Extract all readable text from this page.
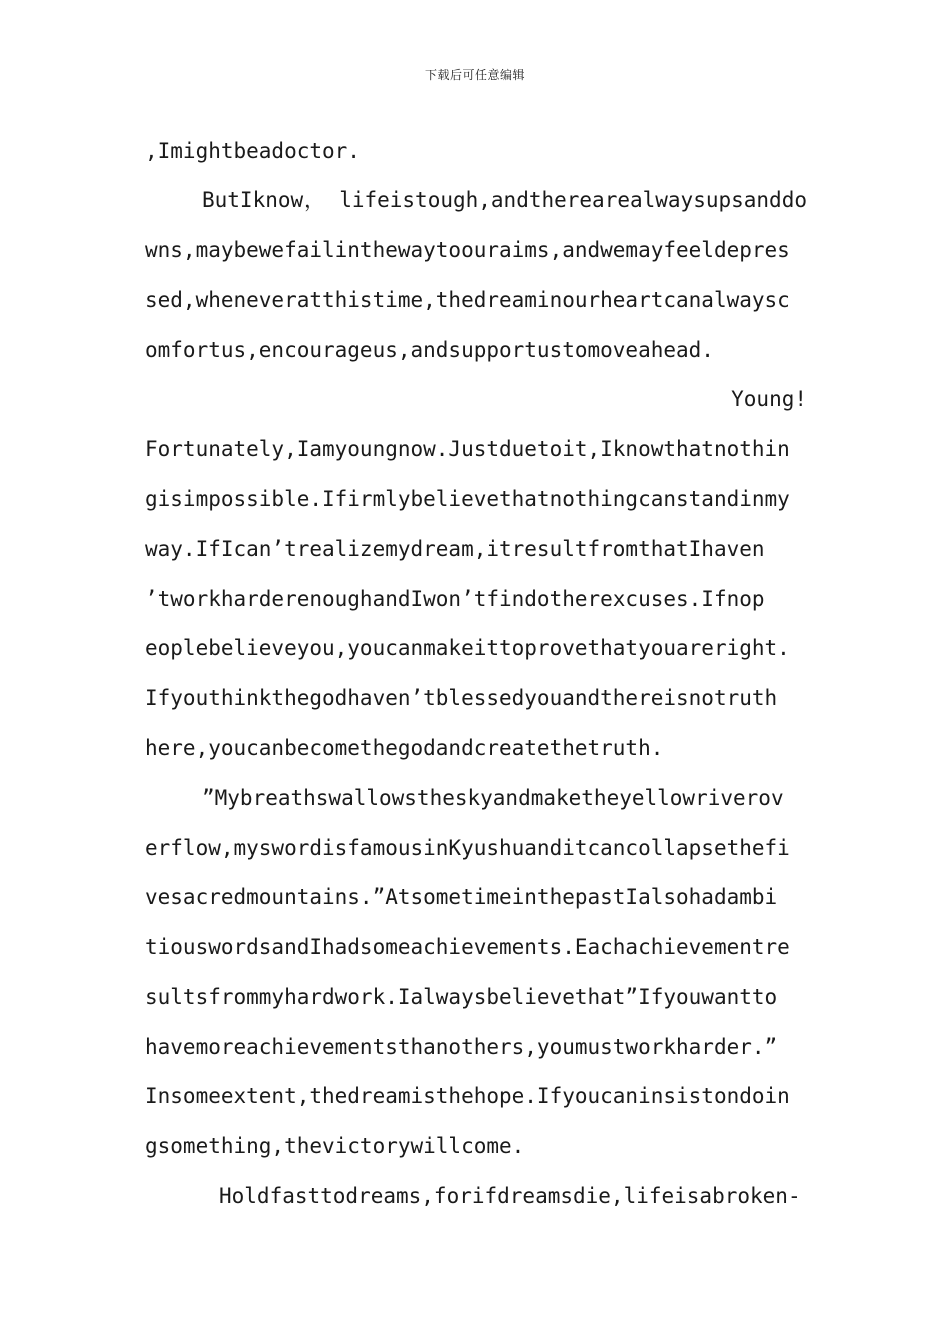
下载后可任意编辑
,Imightbeadoctor.
ButIknow， lifeistough,andtherearealwaysupsanddo
wns,maybewefailinthewaytoouraims,andwemayfeeldepres
sed,wheneveratthistime,thedreaminourheartcanalwaysc
omfortus,encourageus,andsupportustomoveahead.
Young!
Fortunately,Iamyoungnow.Justduetoit,Iknowthatnothin
gisimpossible.Ifirmlybelievethatnothingcanstandinmy
way.IfIcan’trealizemydream,itresultfromthatIhaven
’tworkharderenoughandIwon’tfindotherexcuses.Ifnop
eoplebelieveyou,youcanmakeittoprovethatyouareright.
Ifyouthinkthegodhaven’tblessedyouandthereisnotruth
here,youcanbecomethegodandcreatethetruth.
”Mybreathswallowstheskyandmaketheyellowriverov
erflow,myswordisfamousinKyushuanditcancollapsethefi
vesacredmountains.”AtsometimeinthepastIalsohadambi
tiouswordsandIhadsomeachievements.Eachachievementre
sultsfrommyhardwork.Ialwaysbelievethat”Ifyouwantto
havemoreachievementsthanothers,youmustworkharder.”
Insomeextent,thedreamisthehope.Ifyoucaninsistondoin
gsomething,thevictorywillcome.
Holdfasttodreams,forifdreamsdie,lifeisabroken-
